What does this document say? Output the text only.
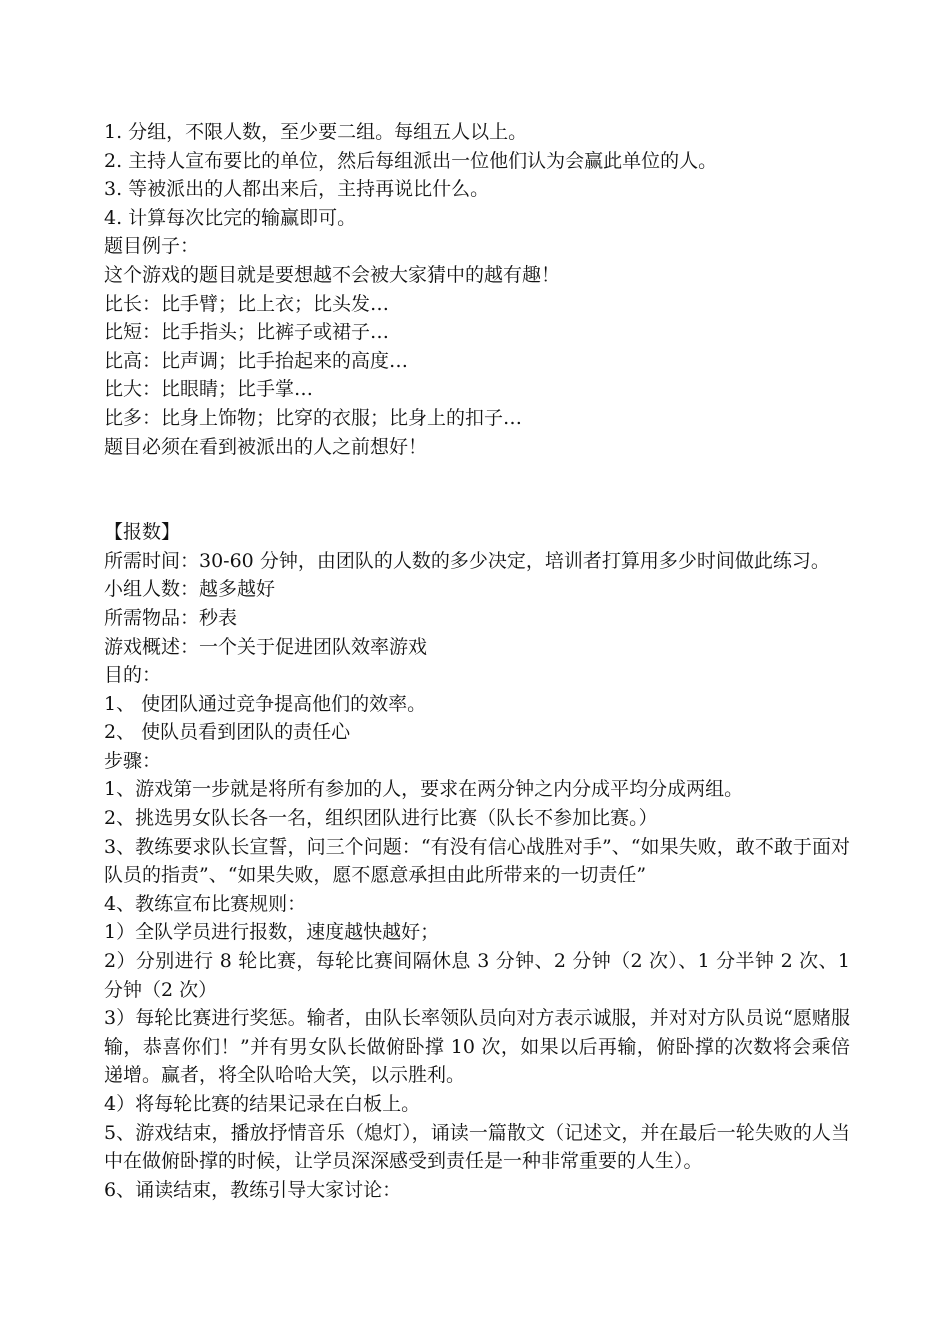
1. 分组，不限人数，至少要二组。每组五人以上。

2. 主持人宣布要比的单位，然后每组派出一位他们认为会赢此单位的人。

3. 等被派出的人都出来后，主持再说比什么。

4. 计算每次比完的输赢即可。

题目例子：

这个游戏的题目就是要想越不会被大家猜中的越有趣！

比长：比手臂；比上衣；比头发…

比短：比手指头；比裤子或裙子…

比高：比声调；比手抬起来的高度…

比大：比眼睛；比手掌…

比多：比身上饰物；比穿的衣服；比身上的扣子…

题目必须在看到被派出的人之前想好！

【报数】

所需时间：30-60 分钟，由团队的人数的多少决定，培训者打算用多少时间做此练习。

小组人数：越多越好

所需物品：秒表

游戏概述：一个关于促进团队效率游戏

目的：

1、 使团队通过竞争提高他们的效率。

2、 使队员看到团队的责任心

步骤：

1、游戏第一步就是将所有参加的人，要求在两分钟之内分成平均分成两组。

2、挑选男女队长各一名，组织团队进行比赛（队长不参加比赛。）

3、教练要求队长宣誓，问三个问题：“有没有信心战胜对手”、“如果失败，敢不敢于面对队员的指责”、“如果失败，愿不愿意承担由此所带来的一切责任”

4、教练宣布比赛规则：

1）全队学员进行报数，速度越快越好；

2）分别进行 8 轮比赛，每轮比赛间隔休息 3 分钟、2 分钟（2 次）、1 分半钟 2 次、1 分钟（2 次）

3）每轮比赛进行奖惩。输者，由队长率领队员向对方表示诚服，并对对方队员说“愿赌服输，恭喜你们！”并有男女队长做俯卧撑 10 次，如果以后再输，俯卧撑的次数将会乘倍递增。赢者，将全队哈哈大笑，以示胜利。

4）将每轮比赛的结果记录在白板上。

5、游戏结束，播放抒情音乐（熄灯），诵读一篇散文（记述文，并在最后一轮失败的人当中在做俯卧撑的时候，让学员深深感受到责任是一种非常重要的人生）。

6、诵读结束，教练引导大家讨论：
